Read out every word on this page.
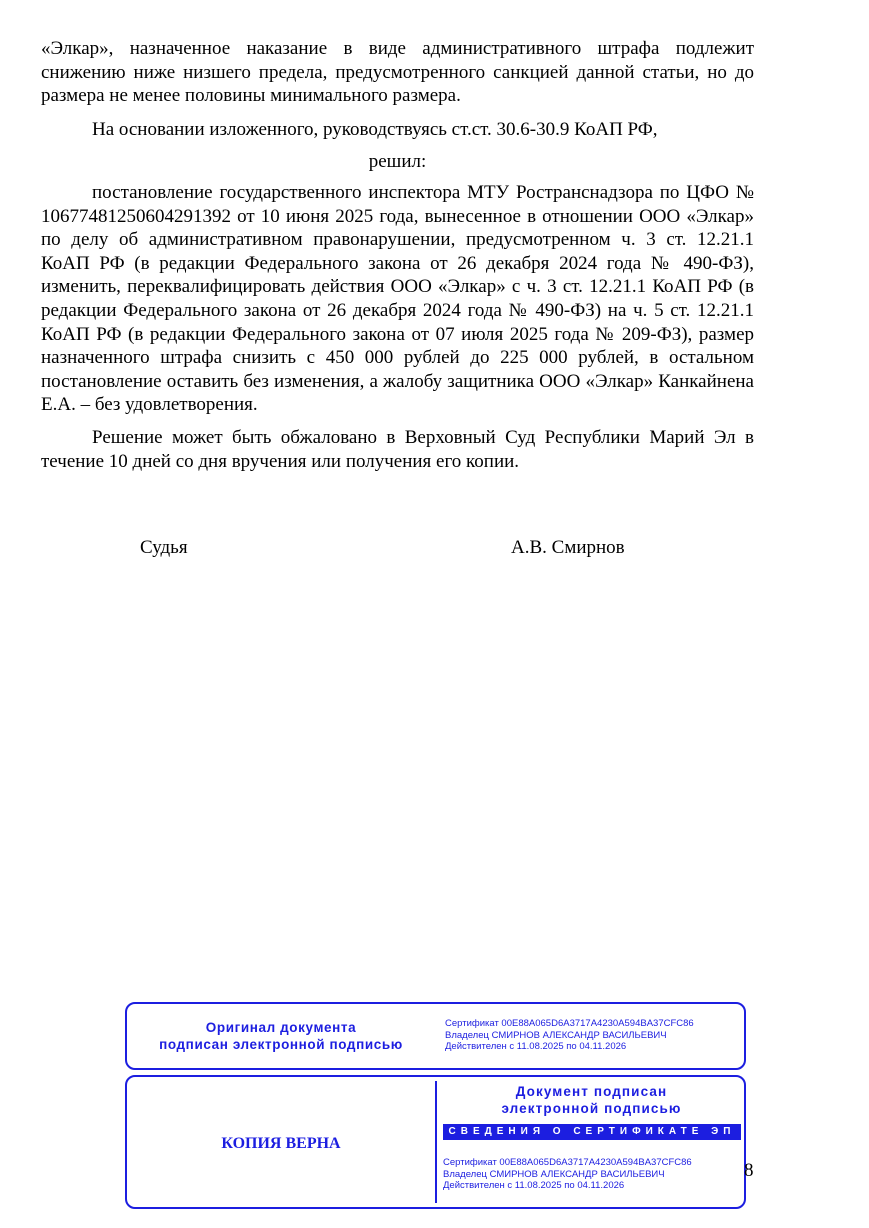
«Элкар», назначенное наказание в виде административного штрафа подлежит снижению ниже низшего предела, предусмотренного санкцией данной статьи, но до размера не менее половины минимального размера.
На основании изложенного, руководствуясь ст.ст. 30.6-30.9 КоАП РФ,
решил:
постановление государственного инспектора МТУ Ространснадзора по ЦФО № 10677481250604291392 от 10 июня 2025 года, вынесенное в отношении ООО «Элкар» по делу об административном правонарушении, предусмотренном ч. 3 ст. 12.21.1 КоАП РФ (в редакции Федерального закона от 26 декабря 2024 года № 490-ФЗ), изменить, переквалифицировать действия ООО «Элкар» с ч. 3 ст. 12.21.1 КоАП РФ (в редакции Федерального закона от 26 декабря 2024 года № 490-ФЗ) на ч. 5 ст. 12.21.1 КоАП РФ (в редакции Федерального закона от 07 июля 2025 года № 209-ФЗ), размер назначенного штрафа снизить с 450 000 рублей до 225 000 рублей, в остальном постановление оставить без изменения, а жалобу защитника ООО «Элкар» Канкайнена Е.А. – без удовлетворения.
Решение может быть обжаловано в Верховный Суд Республики Марий Эл в течение 10 дней со дня вручения или получения его копии.
Судья	А.В. Смирнов
Оригинал документа
подписан электронной подписью
Сертификат 00E88A065D6A3717A4230A594BA37CFC86
Владелец СМИРНОВ АЛЕКСАНДР ВАСИЛЬЕВИЧ
Действителен с 11.08.2025 по 04.11.2026
КОПИЯ ВЕРНА
Документ подписан
электронной подписью
СВЕДЕНИЯ О СЕРТИФИКАТЕ ЭП
Сертификат 00E88A065D6A3717A4230A594BA37CFC86
Владелец СМИРНОВ АЛЕКСАНДР ВАСИЛЬЕВИЧ
Действителен с 11.08.2025 по 04.11.2026
8
